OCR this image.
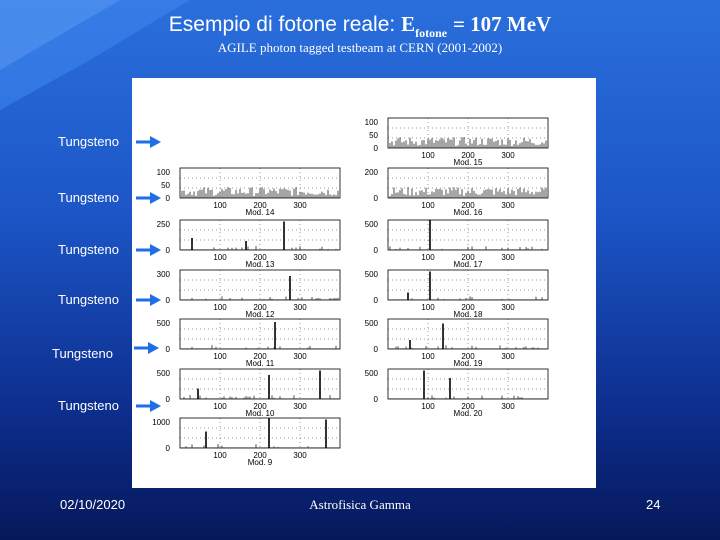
Esempio di fotone reale: $E_{fotone} = 107$ MeV
AGILE photon tagged testbeam at CERN (2001-2002)
1000
0
100	200	300
Mod. 9
500
0
100	200	300
Mod. 10
500
0
100	200	300
Mod. 11
300
0
100	200	300
Mod. 12
250
0
100	200	300
Mod. 13
100
50
0
100	200	300
Mod. 14
100
50
0
100	200	300
Mod. 15
200
0
100	200	300
Mod. 16
500
0
100	200	300
Mod. 17
500
0
100	200	300
Mod. 18
500
0
100	200	300
Mod. 19
500
0
100	200	300
Mod. 20
Tungsteno
Tungsteno
Tungsteno
Tungsteno
Tungsteno
Tungsteno
02/10/2020	Astrofisica Gamma	24
